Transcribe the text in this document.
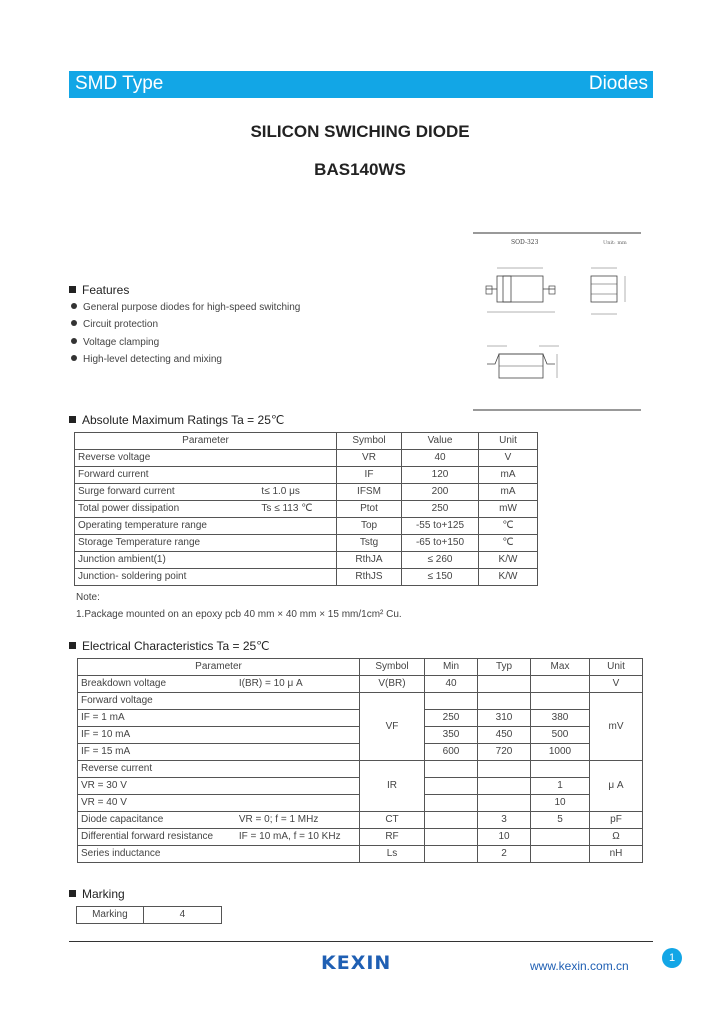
SMD Type	Diodes
SILICON SWICHING DIODE
BAS140WS
SOD-323	Unit: mm
Features
General purpose diodes for high-speed switching
Circuit protection
Voltage clamping
High-level detecting and mixing
Absolute Maximum Ratings Ta = 25℃
Parameter		Symbol	Value	Unit
Reverse voltage		VR	40	V
Forward current		IF	120	mA
Surge forward current	t≤ 1.0 μs	IFSM	200	mA
Total power dissipation	Ts ≤ 113 ℃	Ptot	250	mW
Operating temperature range		Top	-55 to+125	℃
Storage Temperature range		Tstg	-65 to+150	℃
Junction ambient(1)		RthJA	≤ 260	K/W
Junction- soldering point		RthJS	≤ 150	K/W
Note:
1.Package mounted on an epoxy pcb 40 mm × 40 mm × 15 mm/1cm² Cu.
Electrical Characteristics Ta = 25℃
Parameter		Symbol	Min	Typ	Max	Unit
Breakdown voltage	I(BR) = 10 μ A	V(BR)	40			V
Forward voltage		VF				mV
IF = 1 mA			250	310	380	
IF = 10 mA			350	450	500	
IF = 15 mA			600	720	1000	
Reverse current		IR				μ A
VR = 30 V					1	
VR = 40 V					10	
Diode capacitance	VR = 0; f = 1 MHz	CT		3	5	pF
Differential forward resistance	IF = 10 mA, f = 10 KHz	RF		10		Ω
Series inductance		Ls		2		nH
Marking
Marking	4
KEXIN	www.kexin.com.cn
1
